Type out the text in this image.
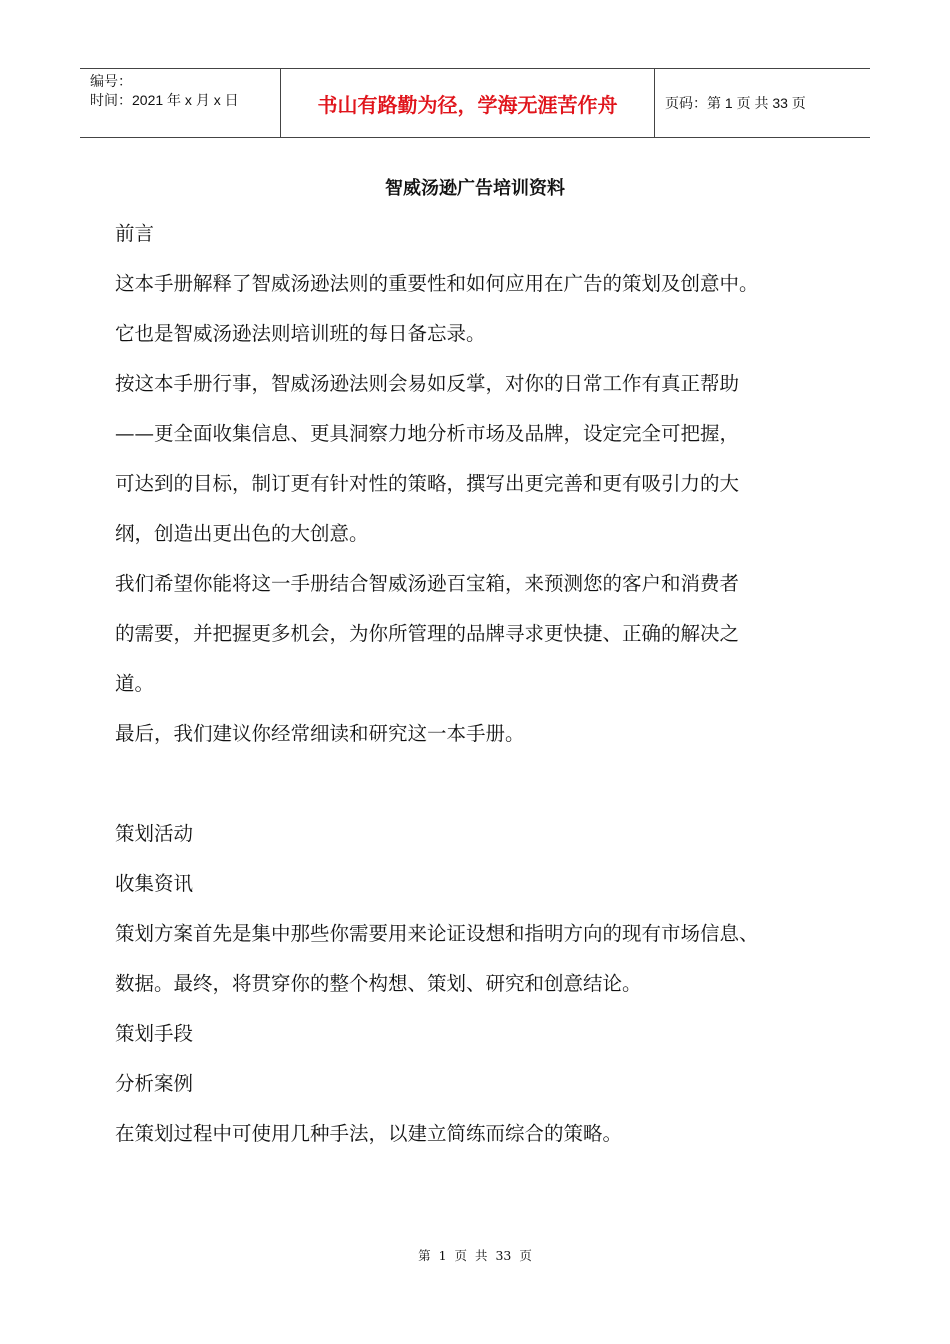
编号：
时间：2021 年 x 月 x 日	书山有路勤为径，学海无涯苦作舟	页码：第 1 页 共 33 页
智威汤逊广告培训资料
前言
这本手册解释了智威汤逊法则的重要性和如何应用在广告的策划及创意中。
它也是智威汤逊法则培训班的每日备忘录。
按这本手册行事，智威汤逊法则会易如反掌，对你的日常工作有真正帮助
——更全面收集信息、更具洞察力地分析市场及品牌，设定完全可把握，
可达到的目标，制订更有针对性的策略，撰写出更完善和更有吸引力的大
纲，创造出更出色的大创意。
我们希望你能将这一手册结合智威汤逊百宝箱，来预测您的客户和消费者
的需要，并把握更多机会，为你所管理的品牌寻求更快捷、正确的解决之
道。
最后，我们建议你经常细读和研究这一本手册。
策划活动
收集资讯
策划方案首先是集中那些你需要用来论证设想和指明方向的现有市场信息、
数据。最终，将贯穿你的整个构想、策划、研究和创意结论。
策划手段
分析案例
在策划过程中可使用几种手法，以建立简练而综合的策略。
第 1 页 共 33 页
